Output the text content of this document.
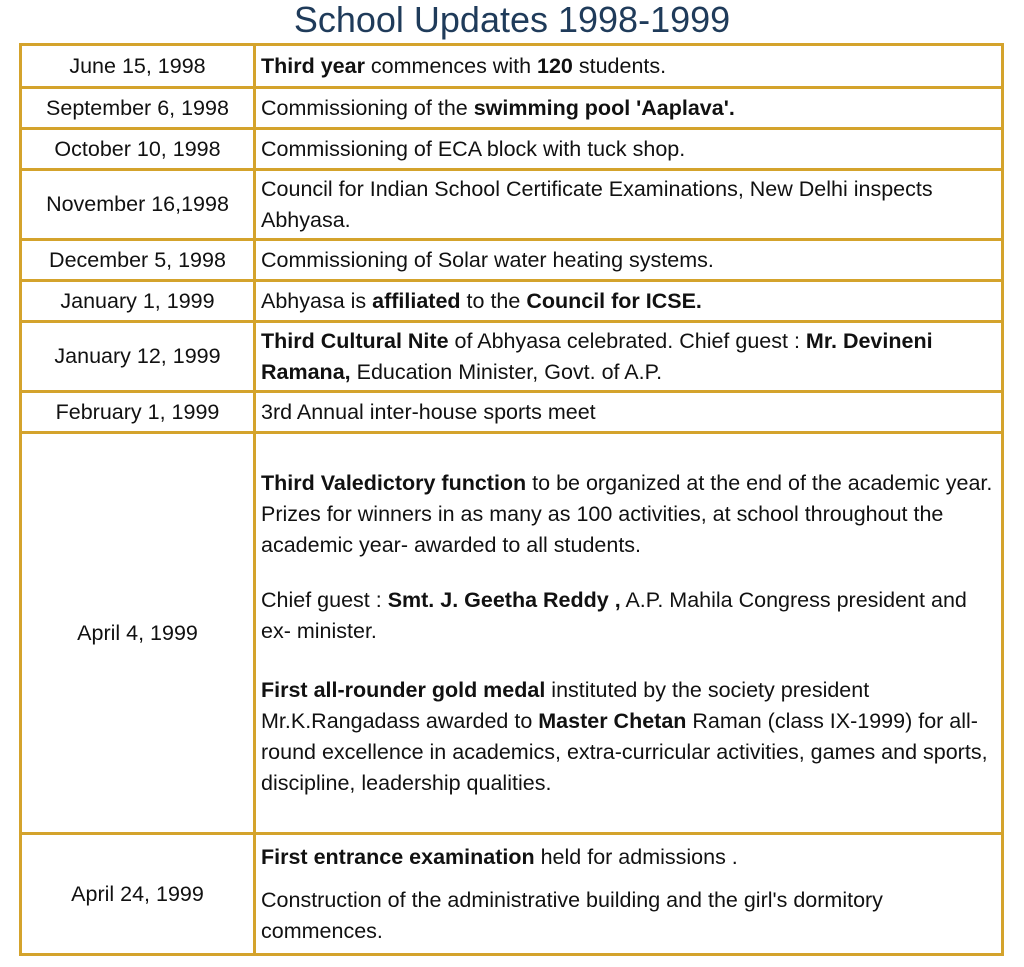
School Updates 1998-1999
June 15, 1998	Third year commences with 120 students.
September 6, 1998	Commissioning of the swimming pool 'Aaplava'.
October 10, 1998	Commissioning of ECA block with tuck shop.
November 16,1998	Council for Indian School Certificate Examinations, New Delhi inspects Abhyasa.
December 5, 1998	Commissioning of Solar water heating systems.
January 1, 1999	Abhyasa is affiliated to the Council for ICSE.
January 12, 1999	Third Cultural Nite of Abhyasa celebrated. Chief guest : Mr. Devineni Ramana, Education Minister, Govt. of A.P.
February 1, 1999	3rd Annual inter-house sports meet
April 4, 1999	Third Valedictory function to be organized at the end of the academic year. Prizes for winners in as many as 100 activities, at school throughout the academic year- awarded to all students.

Chief guest : Smt. J. Geetha Reddy , A.P. Mahila Congress president and ex- minister.

First all-rounder gold medal instituted by the society president Mr.K.Rangadass awarded to Master Chetan Raman (class IX-1999) for all-round excellence in academics, extra-curricular activities, games and sports, discipline, leadership qualities.

April 24, 1999	First entrance examination held for admissions .

Construction of the administrative building and the girl's dormitory commences.
